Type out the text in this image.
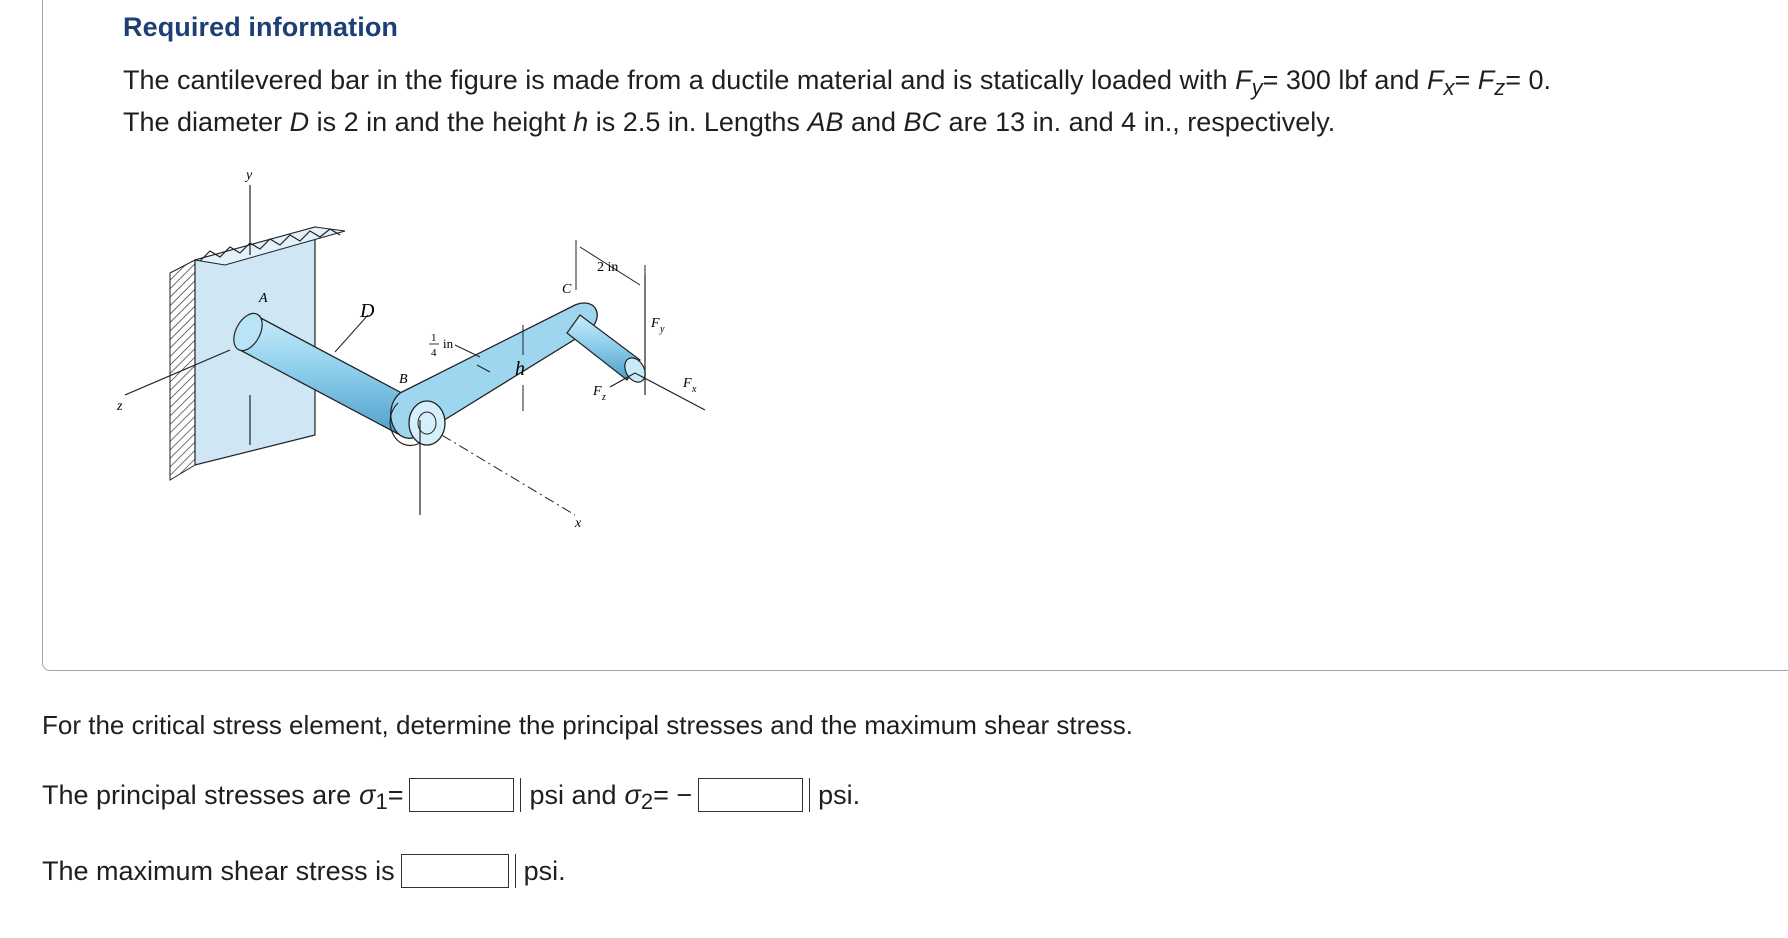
Required information
The cantilevered bar in the figure is made from a ductile material and is statically loaded with $F_y= 300$ lbf and $F_x= F_z= 0$.
The diameter D is 2 in and the height h is 2.5 in. Lengths AB and BC are 13 in. and 4 in., respectively.
y
z
x
2 in
A
B
C
D
h
1
4
in
F y
F z
F x
For the critical stress element, determine the principal stresses and the maximum shear stress.
The principal stresses are $\sigma_1$ =	psi and $\sigma_2$ = −	psi.
The maximum shear stress is	psi.
